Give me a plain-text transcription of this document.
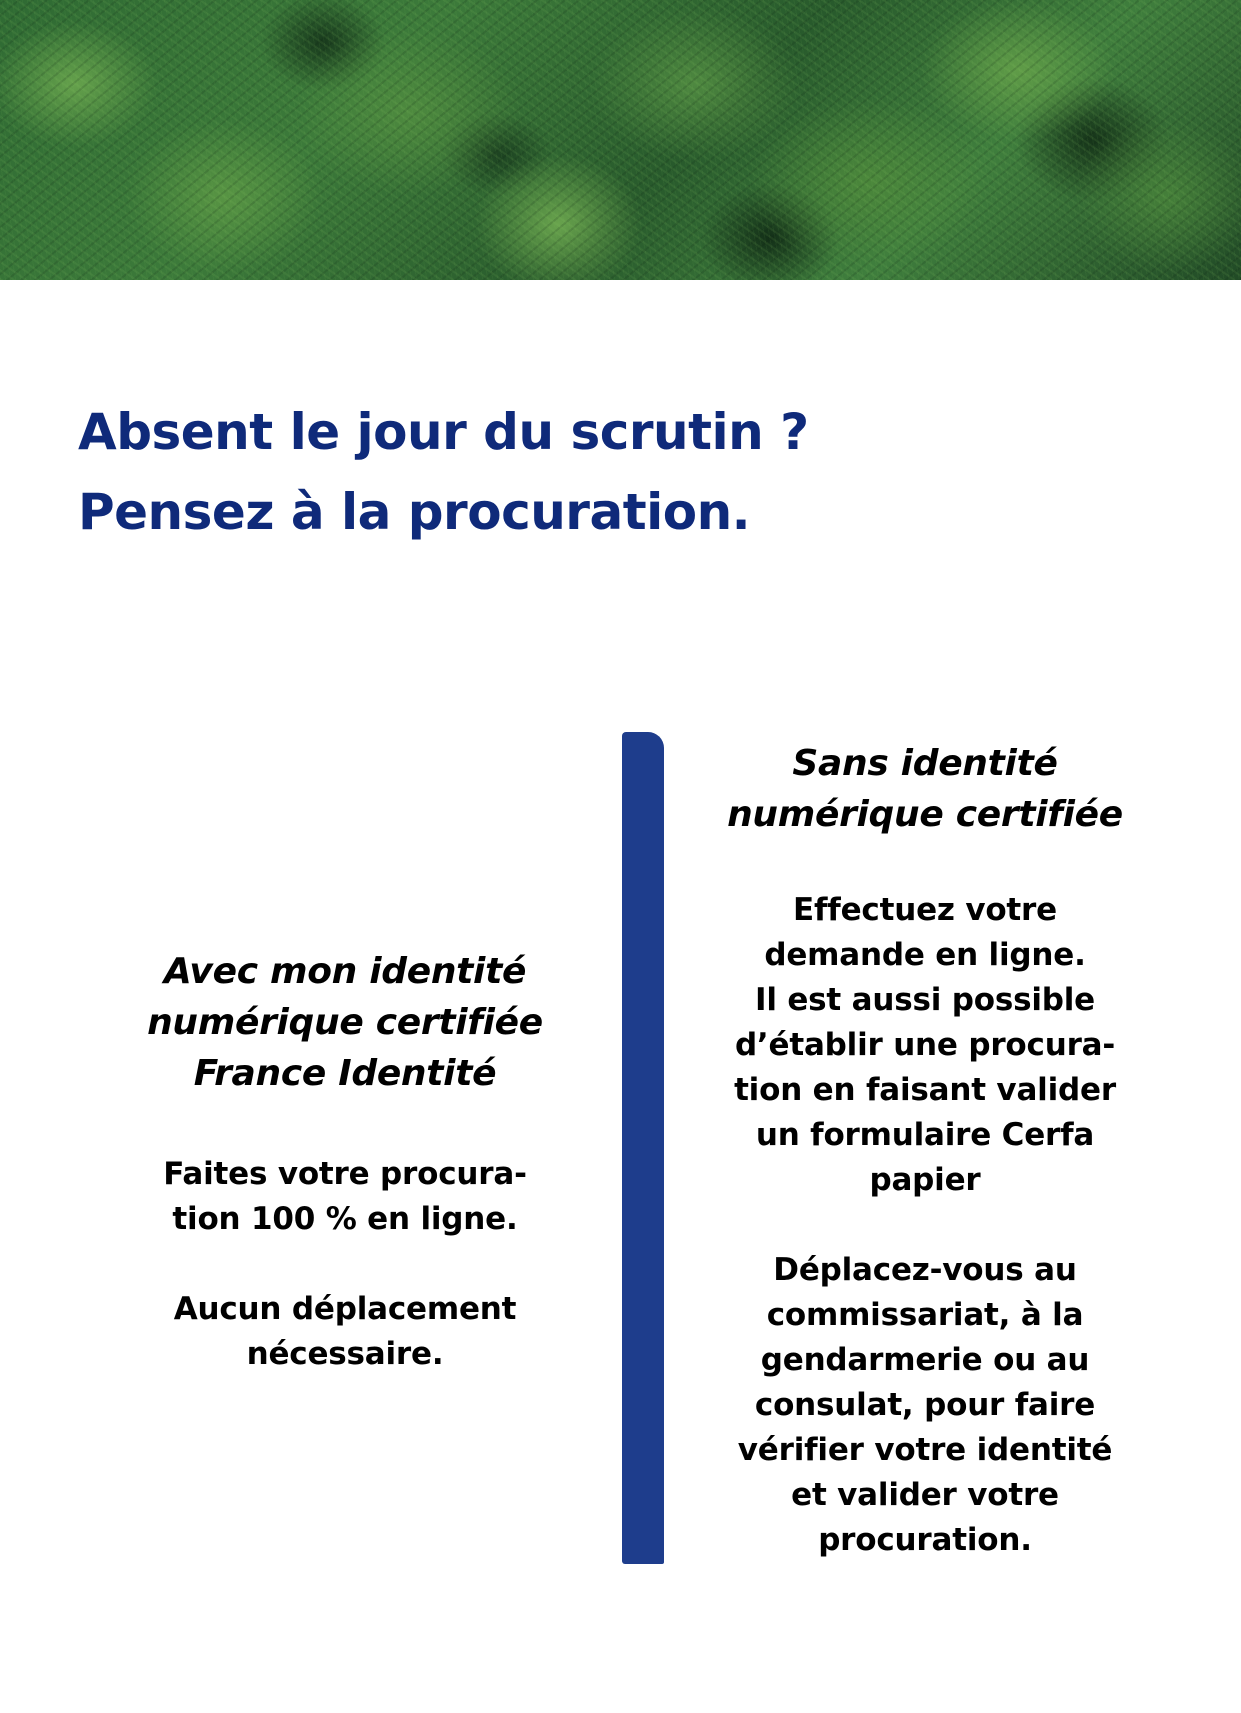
Absent le jour du scrutin ?
Pensez à la procuration.
Avec mon identité
numérique certifiée
France Identité

Faites votre procura-
tion 100 % en ligne.

Aucun déplacement
nécessaire.

Sans identité
numérique certifiée

Effectuez votre
demande en ligne.
Il est aussi possible
d’établir une procura-
tion en faisant valider
un formulaire Cerfa
papier

Déplacez-vous au
commissariat, à la
gendarmerie ou au
consulat, pour faire
vérifier votre identité
et valider votre
procuration.
